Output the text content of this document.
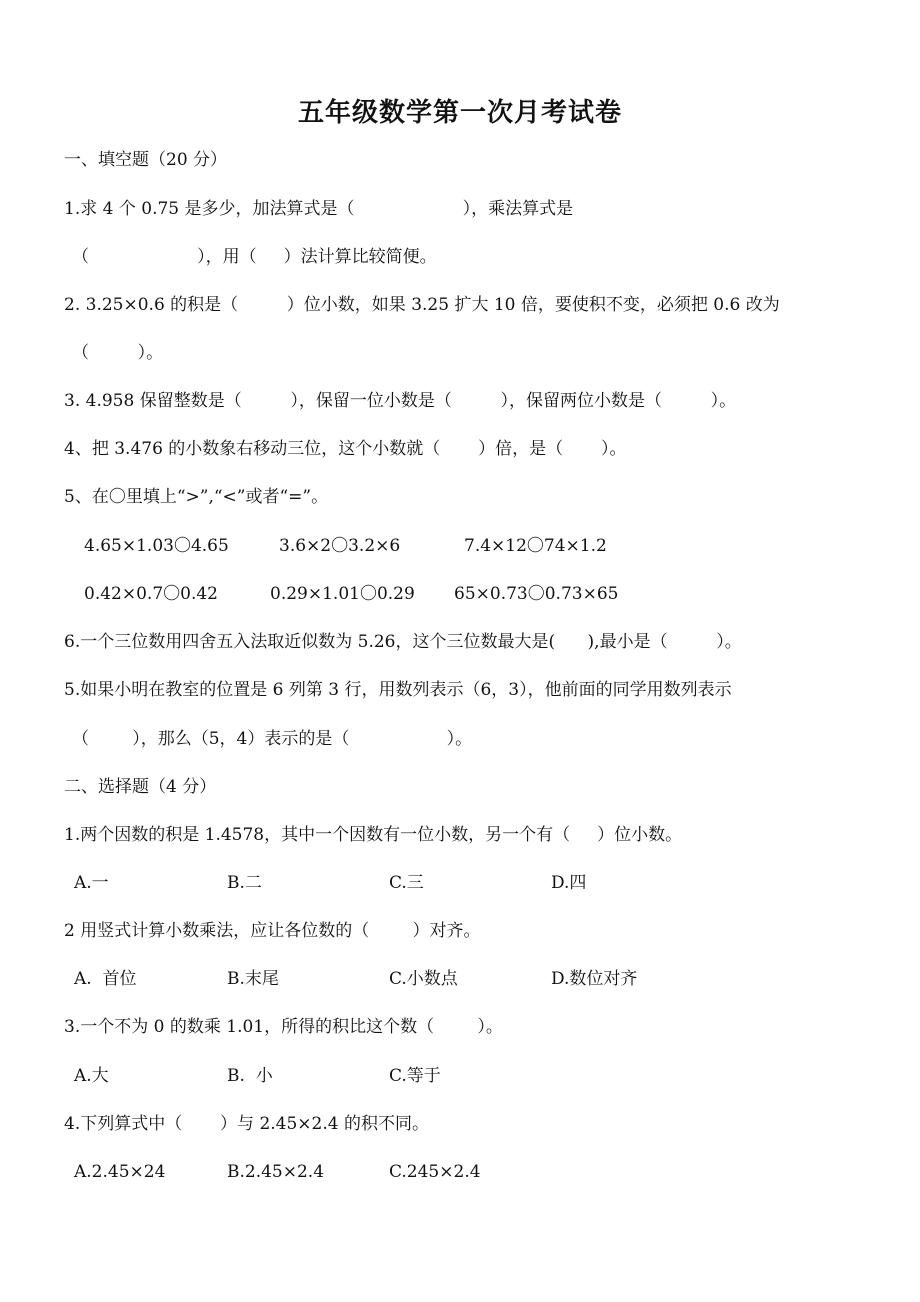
五年级数学第一次月考试卷
一、填空题（20 分）
1.求 4 个 0.75 是多少，加法算式是（                    ），乘法算式是
（                    ），用（     ）法计算比较简便。
2. 3.25×0.6 的积是（         ）位小数，如果 3.25 扩大 10 倍，要使积不变，必须把 0.6 改为
（         ）。
3. 4.958 保留整数是（         ），保留一位小数是（         ），保留两位小数是（         ）。
4、把 3.476 的小数象右移动三位，这个小数就（       ）倍，是（       ）。
5、在〇里填上“>”,“<”或者“=”。
4.65×1.03〇4.65	3.6×2〇3.2×6	7.4×12〇74×1.2
0.42×0.7〇0.42	0.29×1.01〇0.29 65×0.73〇0.73×65
6.一个三位数用四舍五入法取近似数为 5.26，这个三位数最大是(      ),最小是（         ）。
5.如果小明在教室的位置是 6 列第 3 行，用数列表示（6，3），他前面的同学用数列表示
（        ），那么（5，4）表示的是（                  ）。
二、选择题（4 分）
1.两个因数的积是 1.4578，其中一个因数有一位小数，另一个有（     ）位小数。
A.一	B.二	C.三	D.四
2 用竖式计算小数乘法，应让各位数的（        ）对齐。
A.  首位	B.末尾	C.小数点	D.数位对齐
3.一个不为 0 的数乘 1.01，所得的积比这个数（        ）。
A.大	B.  小	C.等于
4.下列算式中（       ）与 2.45×2.4 的积不同。
A.2.45×24	B.2.45×2.4	C.245×2.4
